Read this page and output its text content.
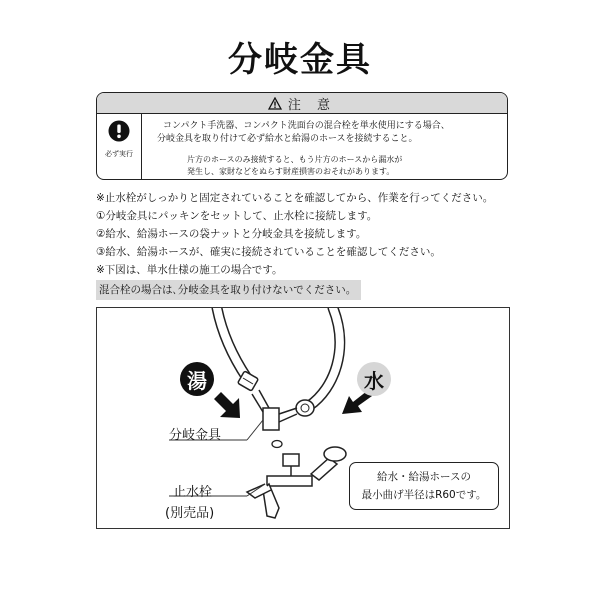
分岐金具
注 意
必ず実行
コンパクト手洗器、コンパクト洗面台の混合栓を単水使用にする場合、
分岐金具を取り付けて必ず給水と給湯のホースを接続すること。
片方のホースのみ接続すると、もう片方のホースから漏水が
発生し、家財などをぬらす財産損害のおそれがあります。
※止水栓がしっかりと固定されていることを確認してから、作業を行ってください。
①分岐金具にパッキンをセットして、止水栓に接続します。
②給水、給湯ホースの袋ナットと分岐金具を接続します。
③給水、給湯ホースが、確実に接続されていることを確認してください。
※下図は、単水仕様の施工の場合です。
混合栓の場合は､分岐金具を取り付けないでください。
湯	水
分岐金具
止水栓
(別売品)
給水・給湯ホースの
最小曲げ半径はR60です。
